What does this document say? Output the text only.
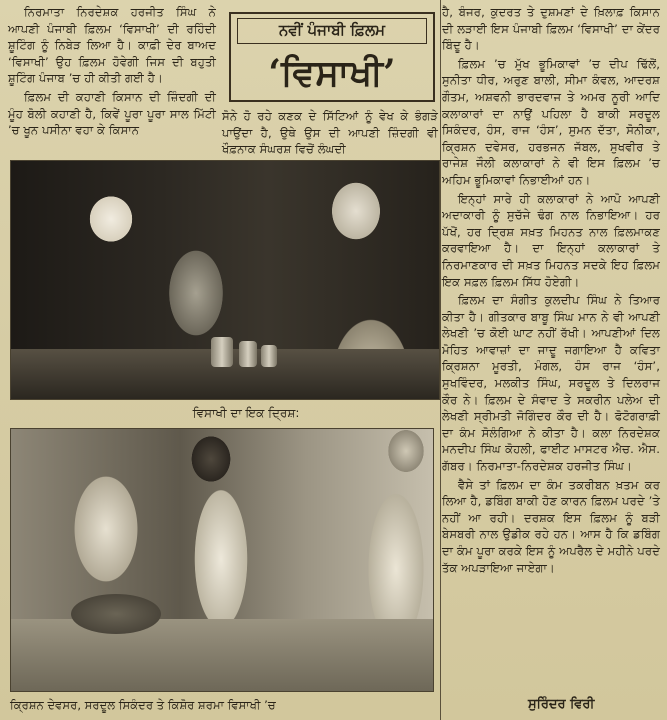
ਨਿਰਮਾਤਾ ਨਿਰਦੇਸ਼ਕ ਹਰਜੀਤ ਸਿੰਘ ਨੇ ਆਪਣੀ ਪੰਜਾਬੀ ਫ਼ਿਲਮ ‘ਵਿਸਾਖੀ’ ਦੀ ਰਹਿੰਦੀ ਸ਼ੂਟਿੰਗ ਨੂੰ ਨਿਬੇੜ ਲਿਆ ਹੈ। ਕਾਫ਼ੀ ਦੇਰ ਬਾਅਦ ‘ਵਿਸਾਖੀ’ ਉਹ ਫ਼ਿਲਮ ਹੋਵੇਗੀ ਜਿਸ ਦੀ ਬਹੁਤੀ ਸ਼ੂਟਿੰਗ ਪੰਜਾਬ ’ਚ ਹੀ ਕੀਤੀ ਗਈ ਹੈ।

ਫ਼ਿਲਮ ਦੀ ਕਹਾਣੀ ਕਿਸਾਨ ਦੀ ਜ਼ਿੰਦਗੀ ਦੀ ਮੂੰਹ ਬੋਲੀ ਕਹਾਣੀ ਹੈ, ਕਿਵੇਂ ਪੂਰਾ ਪੂਰਾ ਸਾਲ ਮਿੱਟੀ ’ਚ ਖੂਨ ਪਸੀਨਾ ਵਹਾ ਕੇ ਕਿਸਾਨ

ਨਵੀਂ ਪੰਜਾਬੀ ਫ਼ਿਲਮ
‘ਵਿਸਾਖੀ’

ਸੋਨੇ ਹੋ ਰਹੇ ਕਣਕ ਦੇ ਸਿੱਟਿਆਂ ਨੂੰ ਵੇਖ ਕੇ ਭੰਗੜੇ ਪਾਉਂਦਾ ਹੈ, ਉਥੇ ਉਸ ਦੀ ਆਪਣੀ ਜ਼ਿੰਦਗੀ ਵੀ ਖੌਫ਼ਨਾਕ ਸੰਘਰਸ਼ ਵਿਚੋਂ ਲੰਘਦੀ

ਹੈ, ਬੰਜਰ, ਕੁਦਰਤ ਤੇ ਦੁਸ਼ਮਣਾਂ ਦੇ ਖ਼ਿਲਾਫ਼ ਕਿਸਾਨ ਦੀ ਲੜਾਈ ਇਸ ਪੰਜਾਬੀ ਫ਼ਿਲਮ ‘ਵਿਸਾਖੀ’ ਦਾ ਕੇਂਦਰ ਬਿੰਦੂ ਹੈ।

ਫ਼ਿਲਮ ’ਚ ਮੁੱਖ ਭੂਮਿਕਾਵਾਂ ’ਚ ਦੀਪ ਢਿੱਲੋਂ, ਸੁਨੀਤਾ ਧੀਰ, ਅਰੁਣ ਬਾਲੀ, ਸੀਮਾ ਕੰਵਲ, ਆਦਰਸ਼ ਗੌਤਮ, ਅਸ਼ਵਨੀ ਭਾਰਦਵਾਜ ਤੇ ਅਮਰ ਨੂਰੀ ਆਦਿ ਕਲਾਕਾਰਾਂ ਦਾ ਨਾਉਂ ਪਹਿਲਾ ਹੈ ਬਾਕੀ ਸਰਦੂਲ ਸਿਕੰਦਰ, ਹੰਸ, ਰਾਜ ‘ਹੰਸ’, ਸੁਮਨ ਦੱਤਾ, ਸੋਨੀਕਾ, ਕ੍ਰਿਸ਼ਨ ਦਵੇਸਰ, ਹਰਭਜਨ ਜੱਬਲ, ਸੁਖਵੀਰ ਤੇ ਰਾਜੇਸ਼ ਜੌਲੀ ਕਲਾਕਾਰਾਂ ਨੇ ਵੀ ਇਸ ਫ਼ਿਲਮ ’ਚ ਅਹਿਮ ਭੂਮਿਕਾਵਾਂ ਨਿਭਾਈਆਂ ਹਨ।

ਇਨ੍ਹਾਂ ਸਾਰੇ ਹੀ ਕਲਾਕਾਰਾਂ ਨੇ ਆਪੋ ਆਪਣੀ ਅਦਾਕਾਰੀ ਨੂੰ ਸੁਚੱਜੇ ਢੰਗ ਨਾਲ ਨਿਭਾਇਆ। ਹਰ ਪੱਖੋਂ, ਹਰ ਦ੍ਰਿਸ਼ ਸਖ਼ਤ ਮਿਹਨਤ ਨਾਲ ਫ਼ਿਲਮਾਕਣ ਕਰਵਾਇਆ ਹੈ। ਦਾ ਇਨ੍ਹਾਂ ਕਲਾਕਾਰਾਂ ਤੇ ਨਿਰਮਾਣਕਾਰ ਦੀ ਸਖ਼ਤ ਮਿਹਨਤ ਸਦਕੇ ਇਹ ਫ਼ਿਲਮ ਇਕ ਸਫ਼ਲ ਫ਼ਿਲਮ ਸਿੱਧ ਹੋਏਗੀ।

ਫ਼ਿਲਮ ਦਾ ਸੰਗੀਤ ਕੁਲਦੀਪ ਸਿੰਘ ਨੇ ਤਿਆਰ ਕੀਤਾ ਹੈ। ਗੀਤਕਾਰ ਬਾਬੂ ਸਿੰਘ ਮਾਨ ਨੇ ਵੀ ਆਪਣੀ ਲੇਖਣੀ ’ਚ ਕੋਈ ਘਾਟ ਨਹੀਂ ਰੱਖੀ। ਆਪਣੀਆਂ ਦਿਲ ਮੋਹਿਤ ਆਵਾਜ਼ਾਂ ਦਾ ਜਾਦੂ ਜਗਾਇਆ ਹੈ ਕਵਿਤਾ ਕ੍ਰਿਸ਼ਨਾ ਮੂਰਤੀ, ਮੰਗਲ, ਹੰਸ ਰਾਜ ‘ਹੰਸ’, ਸੁਖਵਿੰਦਰ, ਮਲਕੀਤ ਸਿੰਘ, ਸਰਦੂਲ ਤੇ ਦਿਲਰਾਜ ਕੌਰ ਨੇ। ਫ਼ਿਲਮ ਦੇ ਸੰਵਾਦ ਤੇ ਸਕਰੀਨ ਪਲੇਅ ਦੀ ਲੇਖਣੀ ਸ੍ਰੀਮਤੀ ਜੋਗਿੰਦਰ ਕੌਰ ਦੀ ਹੈ। ਫੋਟੋਗਰਾਫ਼ੀ ਦਾ ਕੰਮ ਸੋਲੰਗਿਆ ਨੇ ਕੀਤਾ ਹੈ। ਕਲਾ ਨਿਰਦੇਸ਼ਕ ਮਨਦੀਪ ਸਿੰਘ ਕੋਹਲੀ, ਫਾਈਟ ਮਾਸਟਰ ਐਚ. ਐਸ. ਗੱਬਰ। ਨਿਰਮਾਤਾ-ਨਿਰਦੇਸ਼ਕ ਹਰਜੀਤ ਸਿੰਘ।

ਵੈਸੇ ਤਾਂ ਫ਼ਿਲਮ ਦਾ ਕੰਮ ਤਕਰੀਬਨ ਖ਼ਤਮ ਕਰ ਲਿਆ ਹੈ, ਡਬਿੰਗ ਬਾਕੀ ਹੋਣ ਕਾਰਨ ਫ਼ਿਲਮ ਪਰਦੇ ’ਤੇ ਨਹੀਂ ਆ ਰਹੀ। ਦਰਸ਼ਕ ਇਸ ਫ਼ਿਲਮ ਨੂੰ ਬੜੀ ਬੇਸਬਰੀ ਨਾਲ ਉਡੀਕ ਰਹੇ ਹਨ। ਆਸ ਹੈ ਕਿ ਡਬਿੰਗ ਦਾ ਕੰਮ ਪੂਰਾ ਕਰਕੇ ਇਸ ਨੂੰ ਅਪਰੈਲ ਦੇ ਮਹੀਨੇ ਪਰਦੇ ਤੱਕ ਅਪੜਾਇਆ ਜਾਏਗਾ।

ਵਿਸਾਖੀ ਦਾ ਇਕ ਦ੍ਰਿਸ਼:
ਕ੍ਰਿਸ਼ਨ ਦੇਵਸਰ, ਸਰਦੂਲ ਸਿਕੰਦਰ ਤੇ ਕਿਸ਼ੋਰ ਸ਼ਰਮਾ ਵਿਸਾਖੀ ’ਚ	ਸੁਰਿੰਦਰ ਵਿਰੀ
